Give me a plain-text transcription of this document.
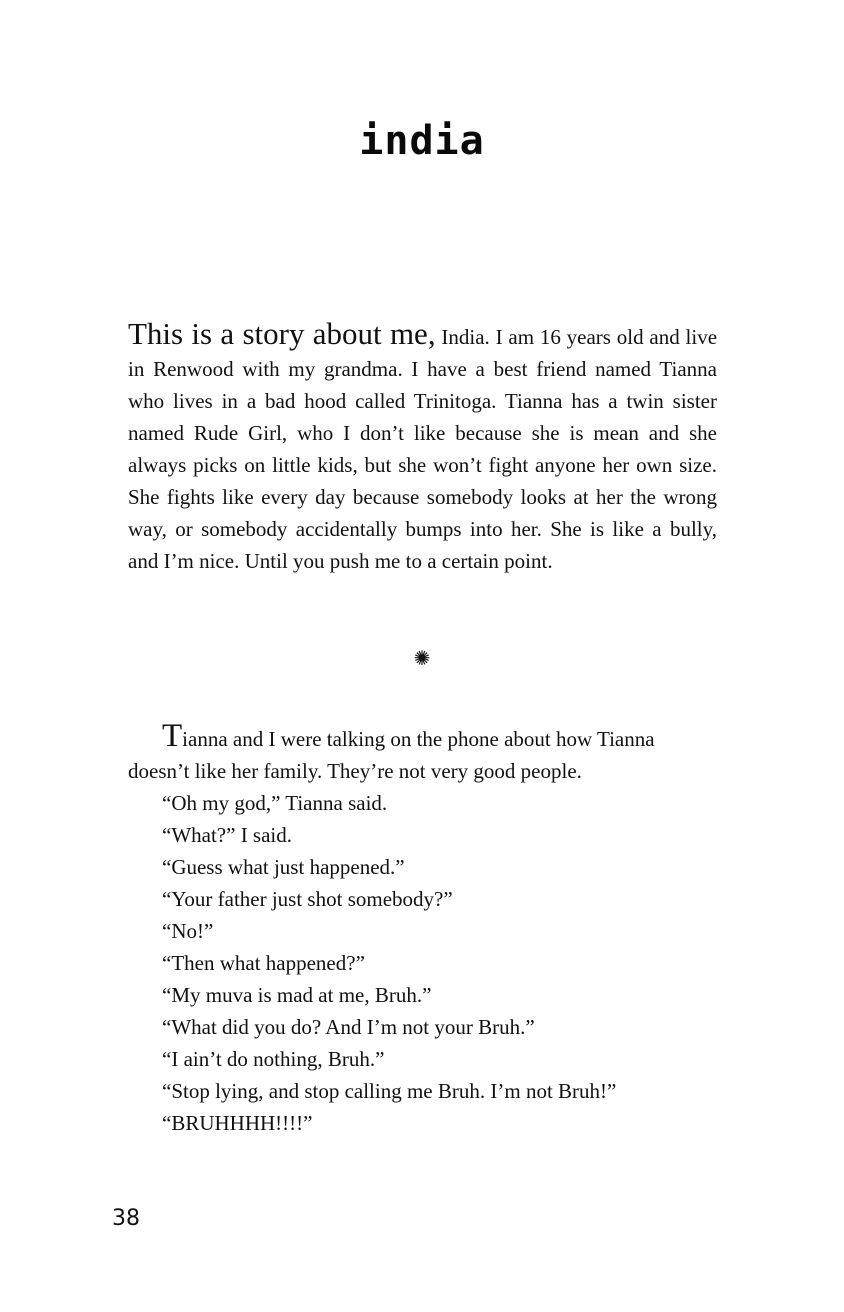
india
This is a story about me, India. I am 16 years old and live in Renwood with my grandma. I have a best friend named Tianna who lives in a bad hood called Trinitoga. Tianna has a twin sister named Rude Girl, who I don’t like because she is mean and she always picks on little kids, but she won’t fight anyone her own size. She fights like every day because somebody looks at her the wrong way, or somebody accidentally bumps into her. She is like a bully, and I’m nice. Until you push me to a certain point.
✺

Tianna and I were talking on the phone about how Tianna doesn’t like her family. They’re not very good people.

“Oh my god,” Tianna said.

“What?” I said.

“Guess what just happened.”

“Your father just shot somebody?”

“No!”

“Then what happened?”

“My muva is mad at me, Bruh.”

“What did you do? And I’m not your Bruh.”

“I ain’t do nothing, Bruh.”

“Stop lying, and stop calling me Bruh. I’m not Bruh!”

“BRUHHHH!!!!”

38
